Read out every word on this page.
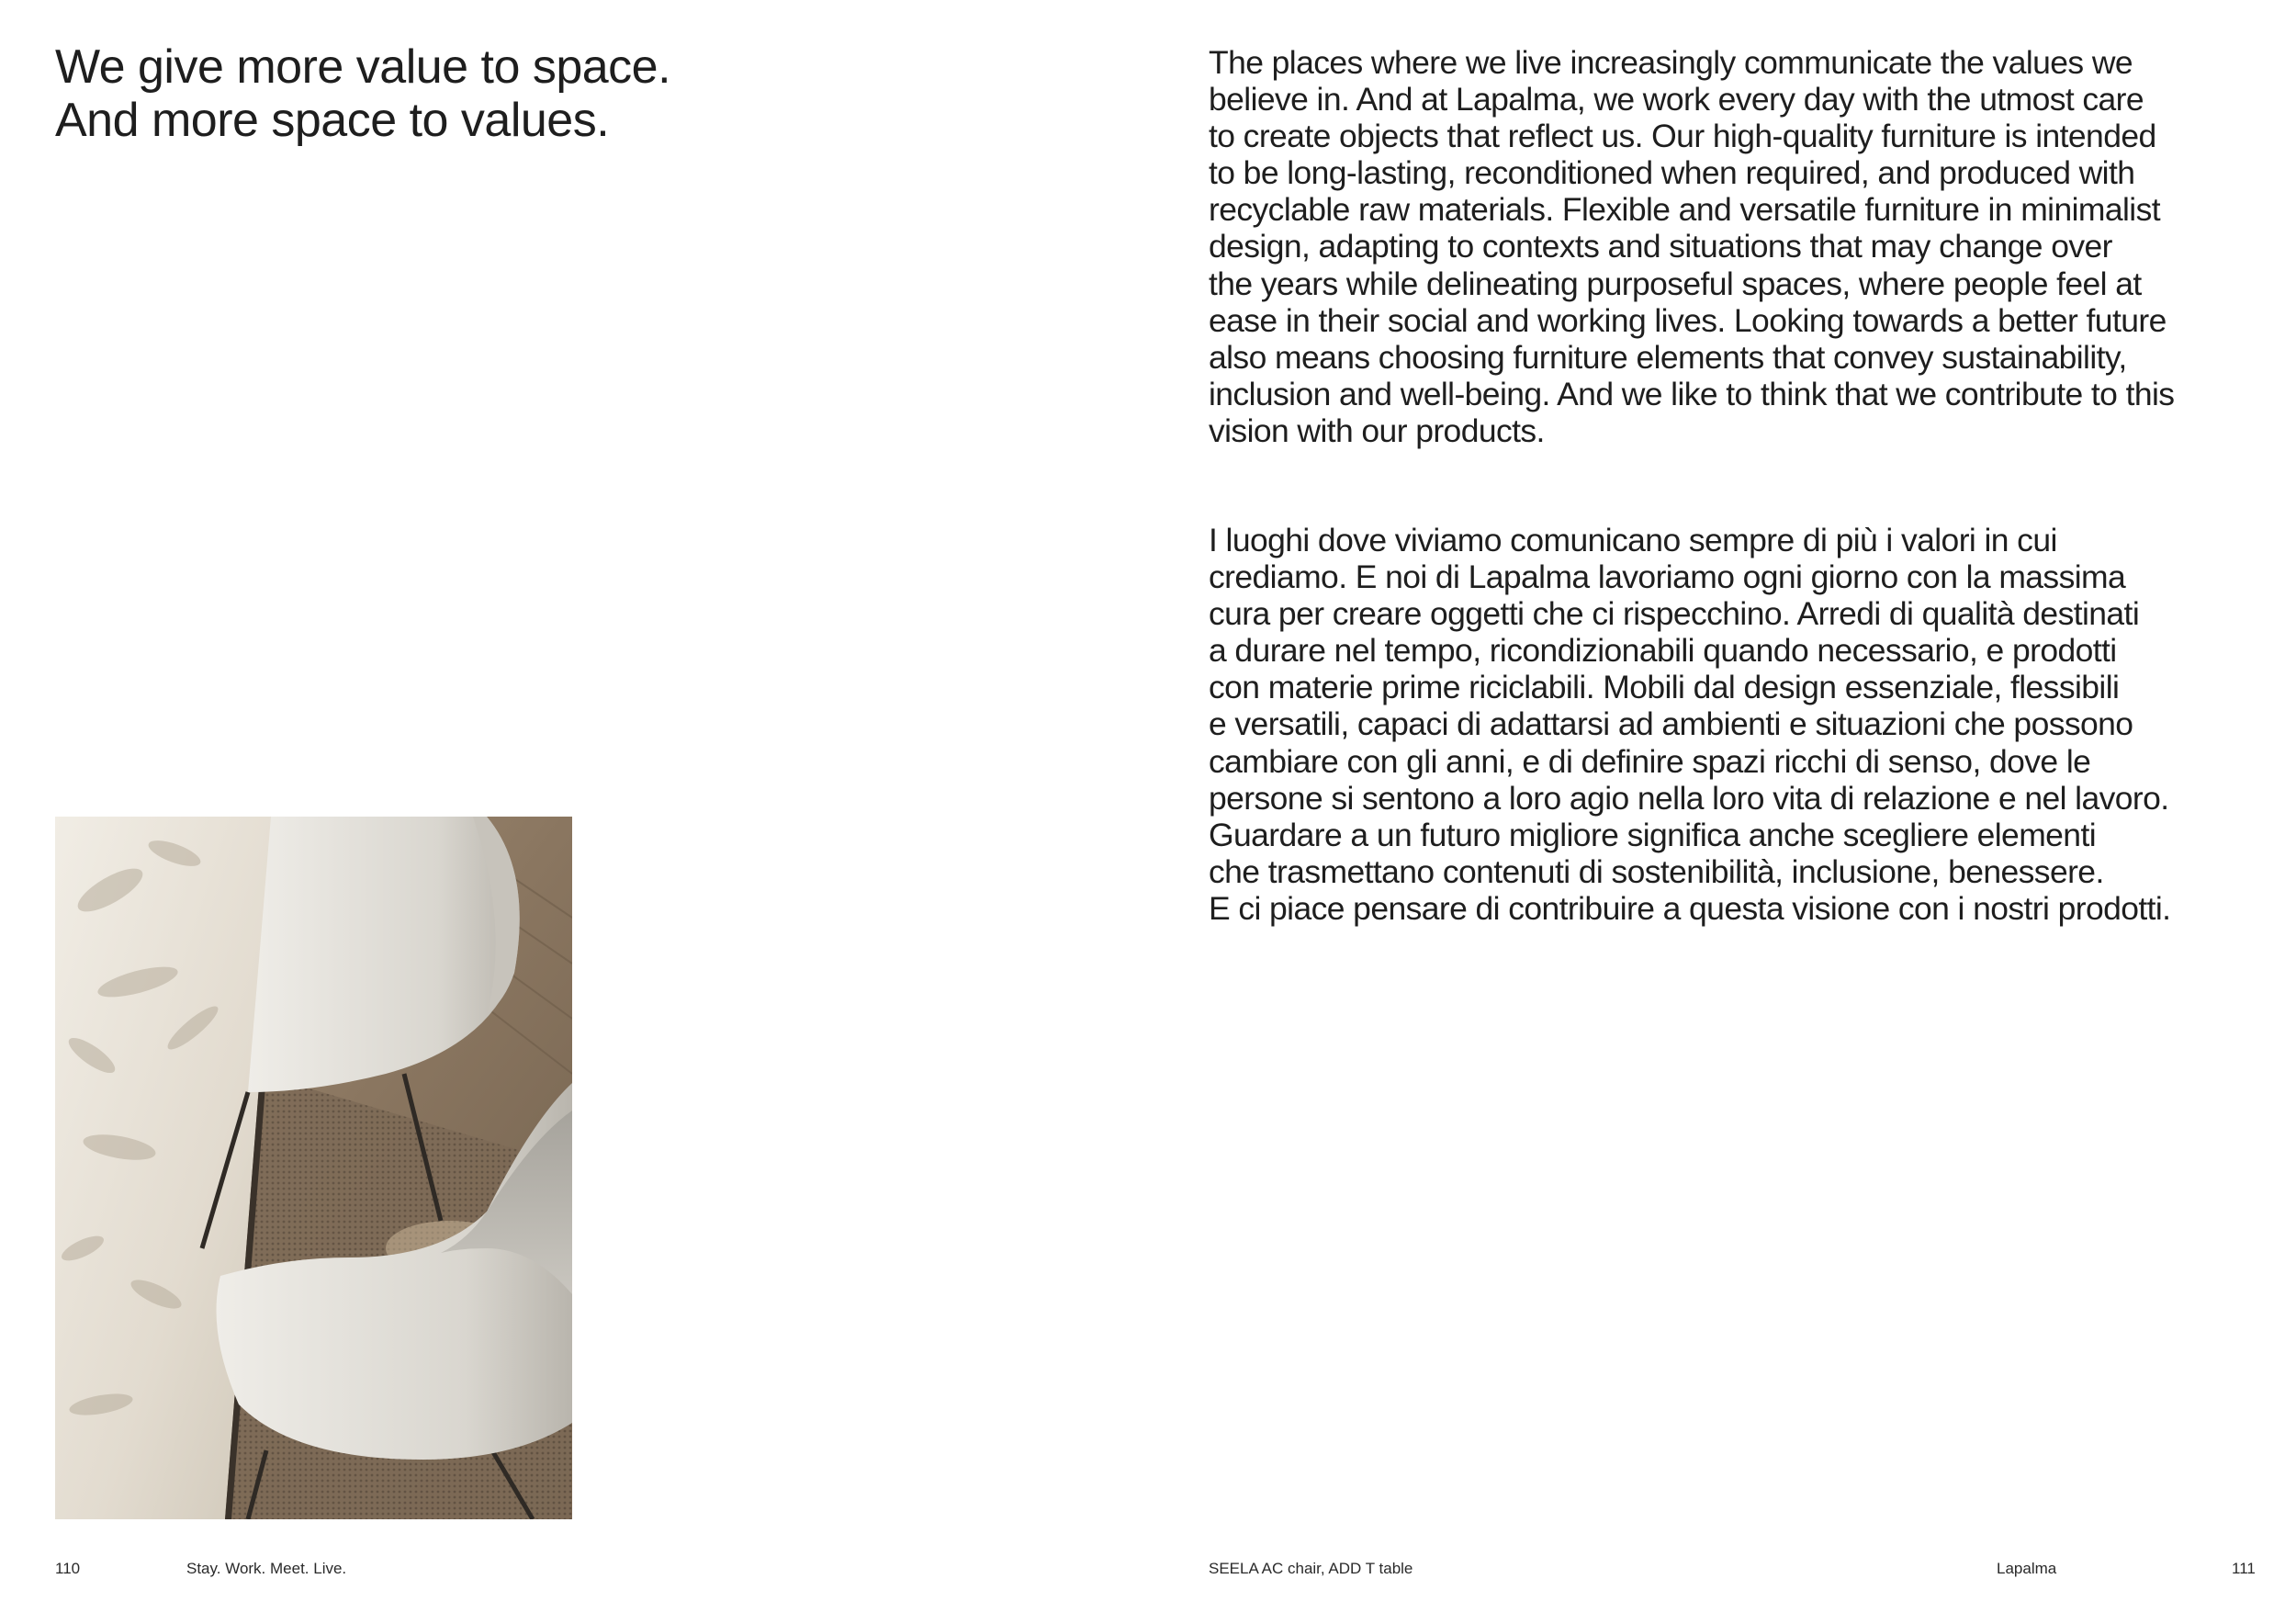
We give more value to space.
And more space to values.
The places where we live increasingly communicate the values we
believe in. And at Lapalma, we work every day with the utmost care
to create objects that reflect us. Our high-quality furniture is intended
to be long-lasting, reconditioned when required, and produced with
recyclable raw materials. Flexible and versatile furniture in minimalist
design, adapting to contexts and situations that may change over
the years while delineating purposeful spaces, where people feel at
ease in their social and working lives. Looking towards a better future
also means choosing furniture elements that convey sustainability,
inclusion and well-being. And we like to think that we contribute to this
vision with our products.
I luoghi dove viviamo comunicano sempre di più i valori in cui
crediamo. E noi di Lapalma lavoriamo ogni giorno con la massima
cura per creare oggetti che ci rispecchino. Arredi di qualità destinati
a durare nel tempo, ricondizionabili quando necessario, e prodotti
con materie prime riciclabili. Mobili dal design essenziale, flessibili
e versatili, capaci di adattarsi ad ambienti e situazioni che possono
cambiare con gli anni, e di definire spazi ricchi di senso, dove le
persone si sentono a loro agio nella loro vita di relazione e nel lavoro.
Guardare a un futuro migliore significa anche scegliere elementi
che trasmettano contenuti di sostenibilità, inclusione, benessere.
E ci piace pensare di contribuire a questa visione con i nostri prodotti.
110	Stay. Work. Meet. Live.	SEELA AC chair, ADD T table	Lapalma	111
